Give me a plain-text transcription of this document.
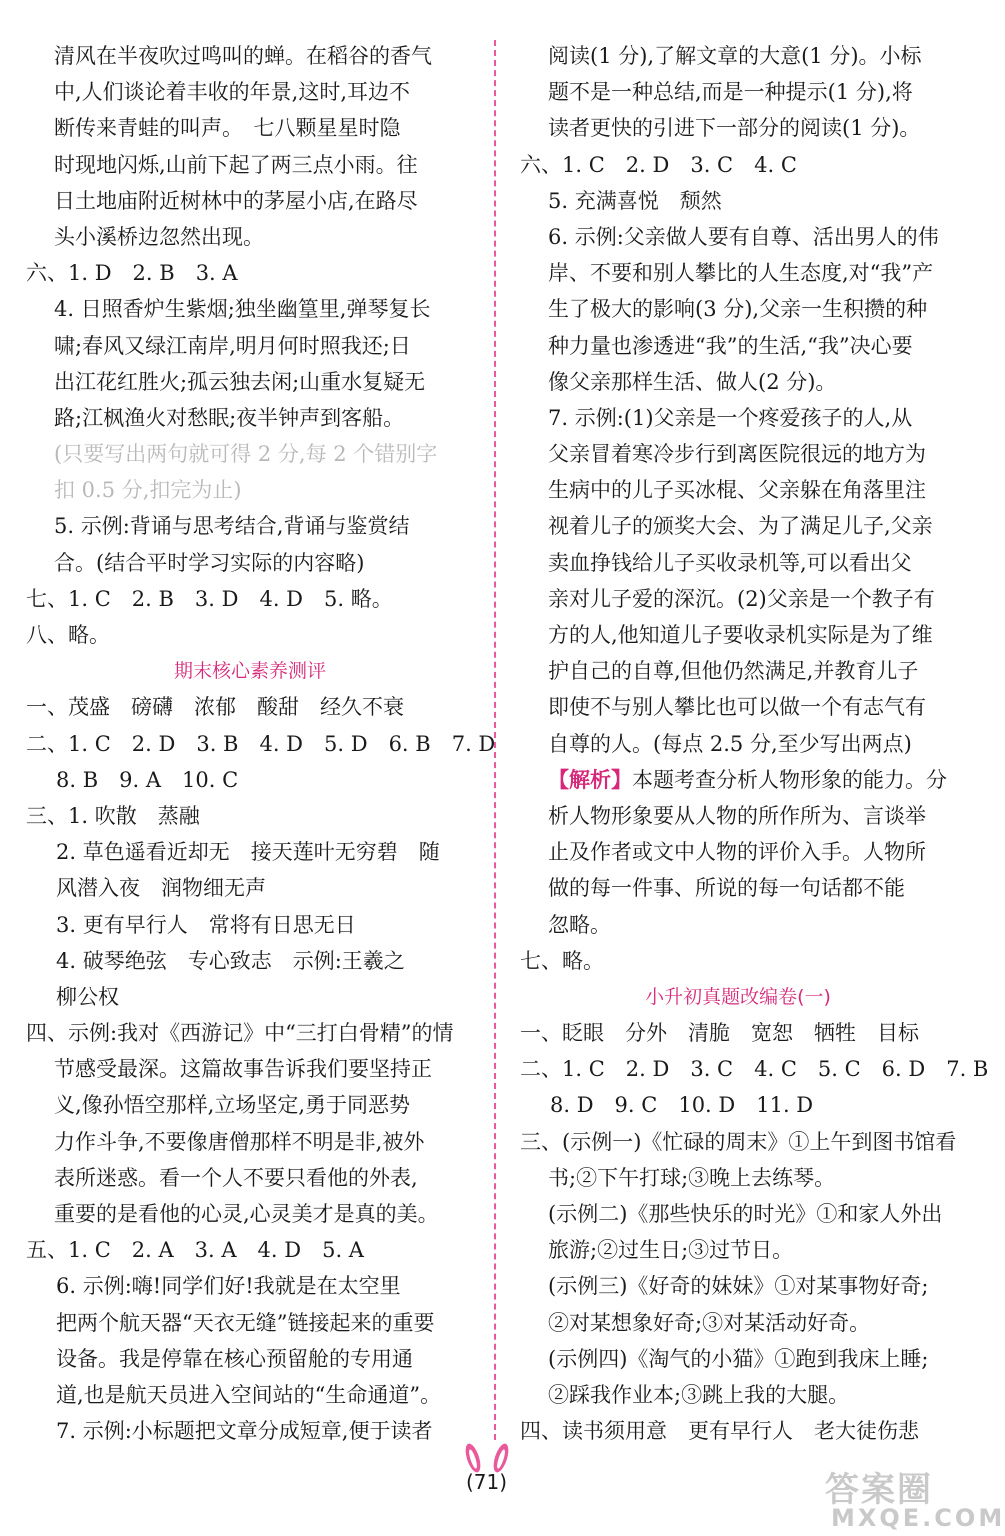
清风在半夜吹过鸣叫的蝉。在稻谷的香气
中,人们谈论着丰收的年景,这时,耳边不
断传来青蛙的叫声。　七八颗星星时隐
时现地闪烁,山前下起了两三点小雨。往
日土地庙附近树林中的茅屋小店,在路尽
头小溪桥边忽然出现。
六、1. D　2. B　3. A
4. 日照香炉生紫烟;独坐幽篁里,弹琴复长
啸;春风又绿江南岸,明月何时照我还;日
出江花红胜火;孤云独去闲;山重水复疑无
路;江枫渔火对愁眠;夜半钟声到客船。
(只要写出两句就可得 2 分,每 2 个错别字
扣 0.5 分,扣完为止)
5. 示例:背诵与思考结合,背诵与鉴赏结
合。(结合平时学习实际的内容略)
七、1. C　2. B　3. D　4. D　5. 略。
八、略。
期末核心素养测评
一、茂盛　磅礴　浓郁　酸甜　经久不衰
二、1. C　2. D　3. B　4. D　5. D　6. B　7. D
8. B　9. A　10. C
三、1. 吹散　蒸融
2. 草色遥看近却无　接天莲叶无穷碧　随
风潜入夜　润物细无声
3. 更有早行人　常将有日思无日
4. 破琴绝弦　专心致志　示例:王羲之
柳公权
四、示例:我对《西游记》中“三打白骨精”的情
节感受最深。这篇故事告诉我们要坚持正
义,像孙悟空那样,立场坚定,勇于同恶势
力作斗争,不要像唐僧那样不明是非,被外
表所迷惑。看一个人不要只看他的外表,
重要的是看他的心灵,心灵美才是真的美。
五、1. C　2. A　3. A　4. D　5. A
6. 示例:嗨!同学们好!我就是在太空里
把两个航天器“天衣无缝”链接起来的重要
设备。我是停靠在核心预留舱的专用通
道,也是航天员进入空间站的“生命通道”。
7. 示例:小标题把文章分成短章,便于读者
阅读(1 分),了解文章的大意(1 分)。小标
题不是一种总结,而是一种提示(1 分),将
读者更快的引进下一部分的阅读(1 分)。
六、1. C　2. D　3. C　4. C
5. 充满喜悦　颓然
6. 示例:父亲做人要有自尊、活出男人的伟
岸、不要和别人攀比的人生态度,对“我”产
生了极大的影响(3 分),父亲一生积攒的种
种力量也渗透进“我”的生活,“我”决心要
像父亲那样生活、做人(2 分)。
7. 示例:(1)父亲是一个疼爱孩子的人,从
父亲冒着寒冷步行到离医院很远的地方为
生病中的儿子买冰棍、父亲躲在角落里注
视着儿子的颁奖大会、为了满足儿子,父亲
卖血挣钱给儿子买收录机等,可以看出父
亲对儿子爱的深沉。(2)父亲是一个教子有
方的人,他知道儿子要收录机实际是为了维
护自己的自尊,但他仍然满足,并教育儿子
即使不与别人攀比也可以做一个有志气有
自尊的人。(每点 2.5 分,至少写出两点)
【解析】本题考查分析人物形象的能力。分
析人物形象要从人物的所作所为、言谈举
止及作者或文中人物的评价入手。人物所
做的每一件事、所说的每一句话都不能
忽略。
七、略。
小升初真题改编卷(一)
一、眨眼　分外　清脆　宽恕　牺牲　目标
二、1. C　2. D　3. C　4. C　5. C　6. D　7. B
8. D　9. C　10. D　11. D
三、(示例一)《忙碌的周末》①上午到图书馆看
书;②下午打球;③晚上去练琴。
(示例二)《那些快乐的时光》①和家人外出
旅游;②过生日;③过节日。
(示例三)《好奇的妹妹》①对某事物好奇;
②对某想象好奇;③对某活动好奇。
(示例四)《淘气的小猫》①跑到我床上睡;
②踩我作业本;③跳上我的大腿。
四、读书须用意　更有早行人　老大徒伤悲
(71)	答案圈
MXQE.COM
